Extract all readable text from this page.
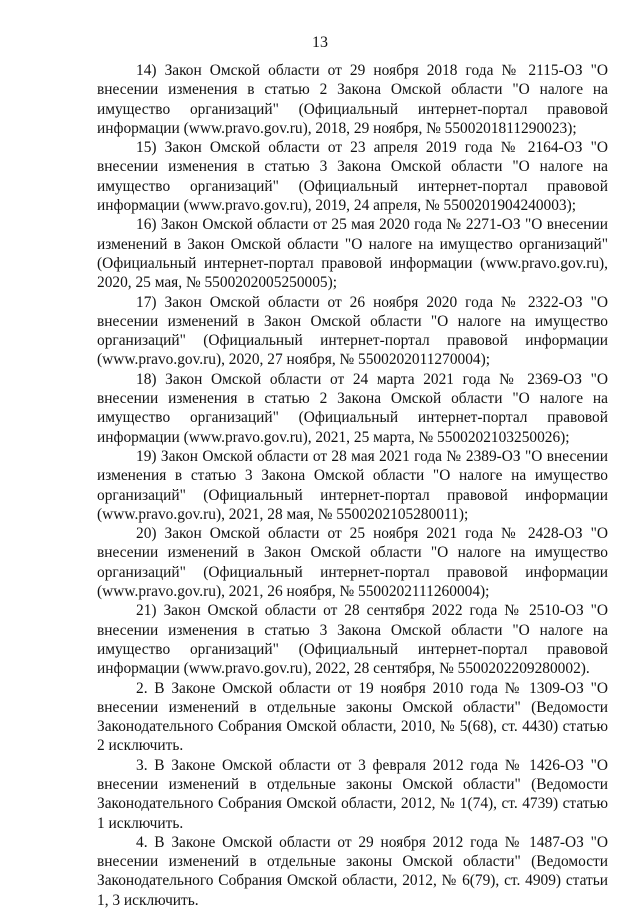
13

14) Закон Омской области от 29 ноября 2018 года № 2115-ОЗ "О внесении изменения в статью 2 Закона Омской области "О налоге на имущество организаций" (Официальный интернет-портал правовой информации (www.pravo.gov.ru), 2018, 29 ноября, № 5500201811290023);

15) Закон Омской области от 23 апреля 2019 года № 2164-ОЗ "О внесении изменения в статью 3 Закона Омской области "О налоге на имущество организаций" (Официальный интернет-портал правовой информации (www.pravo.gov.ru), 2019, 24 апреля, № 5500201904240003);

16) Закон Омской области от 25 мая 2020 года № 2271-ОЗ "О внесении изменений в Закон Омской области "О налоге на имущество организаций" (Официальный интернет-портал правовой информации (www.pravo.gov.ru), 2020, 25 мая, № 5500202005250005);

17) Закон Омской области от 26 ноября 2020 года № 2322-ОЗ "О внесении изменений в Закон Омской области "О налоге на имущество организаций" (Официальный интернет-портал правовой информации (www.pravo.gov.ru), 2020, 27 ноября, № 5500202011270004);

18) Закон Омской области от 24 марта 2021 года № 2369-ОЗ "О внесении изменения в статью 2 Закона Омской области "О налоге на имущество организаций" (Официальный интернет-портал правовой информации (www.pravo.gov.ru), 2021, 25 марта, № 5500202103250026);

19) Закон Омской области от 28 мая 2021 года № 2389-ОЗ "О внесении изменения в статью 3 Закона Омской области "О налоге на имущество организаций" (Официальный интернет-портал правовой информации (www.pravo.gov.ru), 2021, 28 мая, № 5500202105280011);

20) Закон Омской области от 25 ноября 2021 года № 2428-ОЗ "О внесении изменений в Закон Омской области "О налоге на имущество организаций" (Официальный интернет-портал правовой информации (www.pravo.gov.ru), 2021, 26 ноября, № 5500202111260004);

21) Закон Омской области от 28 сентября 2022 года № 2510-ОЗ "О внесении изменения в статью 3 Закона Омской области "О налоге на имущество организаций" (Официальный интернет-портал правовой информации (www.pravo.gov.ru), 2022, 28 сентября, № 5500202209280002).

2. В Законе Омской области от 19 ноября 2010 года № 1309-ОЗ "О внесении изменений в отдельные законы Омской области" (Ведомости Законодательного Собрания Омской области, 2010, № 5(68), ст. 4430) статью 2 исключить.

3. В Законе Омской области от 3 февраля 2012 года № 1426-ОЗ "О внесении изменений в отдельные законы Омской области" (Ведомости Законодательного Собрания Омской области, 2012, № 1(74), ст. 4739) статью 1 исключить.

4. В Законе Омской области от 29 ноября 2012 года № 1487-ОЗ "О внесении изменений в отдельные законы Омской области" (Ведомости Законодательного Собрания Омской области, 2012, № 6(79), ст. 4909) статьи 1, 3 исключить.
